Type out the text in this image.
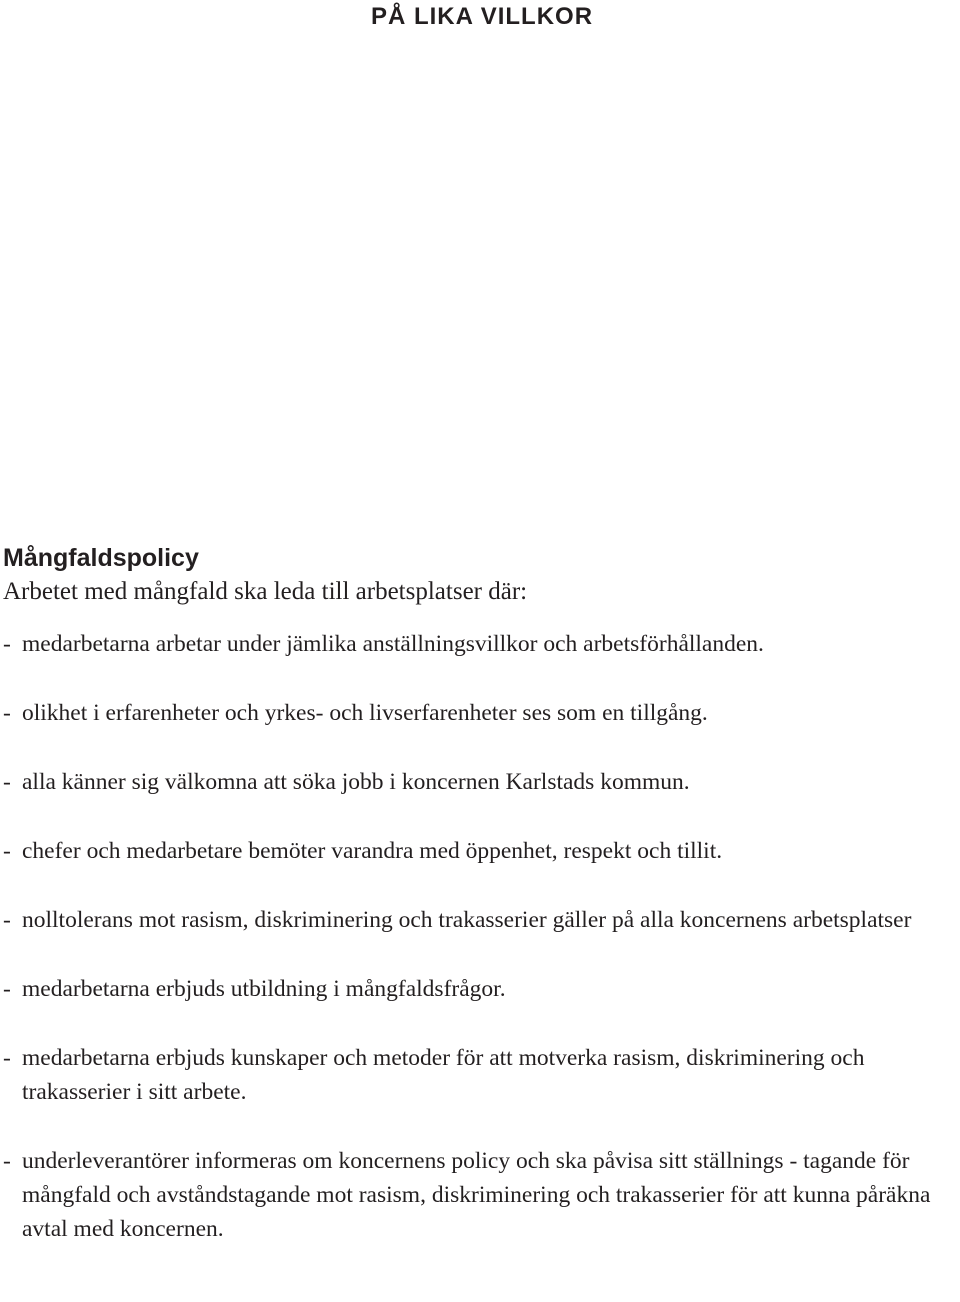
PÅ LIKA VILLKOR
Mångfaldspolicy

Arbetet med mångfald ska leda till arbetsplatser där:

- medarbetarna arbetar under jämlika anställningsvillkor och arbetsförhållanden.
- olikhet i erfarenheter och yrkes- och livserfarenheter ses som en tillgång.
- alla känner sig välkomna att söka jobb i koncernen Karlstads kommun.
- chefer och medarbetare bemöter varandra med öppenhet, respekt och tillit.
- nolltolerans mot rasism, diskriminering och trakasserier gäller på alla koncernens arbetsplatser
- medarbetarna erbjuds utbildning i mångfaldsfrågor.
- medarbetarna erbjuds kunskaper och metoder för att motverka rasism, diskriminering och trakasserier i sitt arbete.
- underleverantörer informeras om koncernens policy och ska påvisa sitt ställnings - tagande för mångfald och avståndstagande mot rasism, diskriminering och trakasserier för att kunna påräkna avtal med koncernen.
